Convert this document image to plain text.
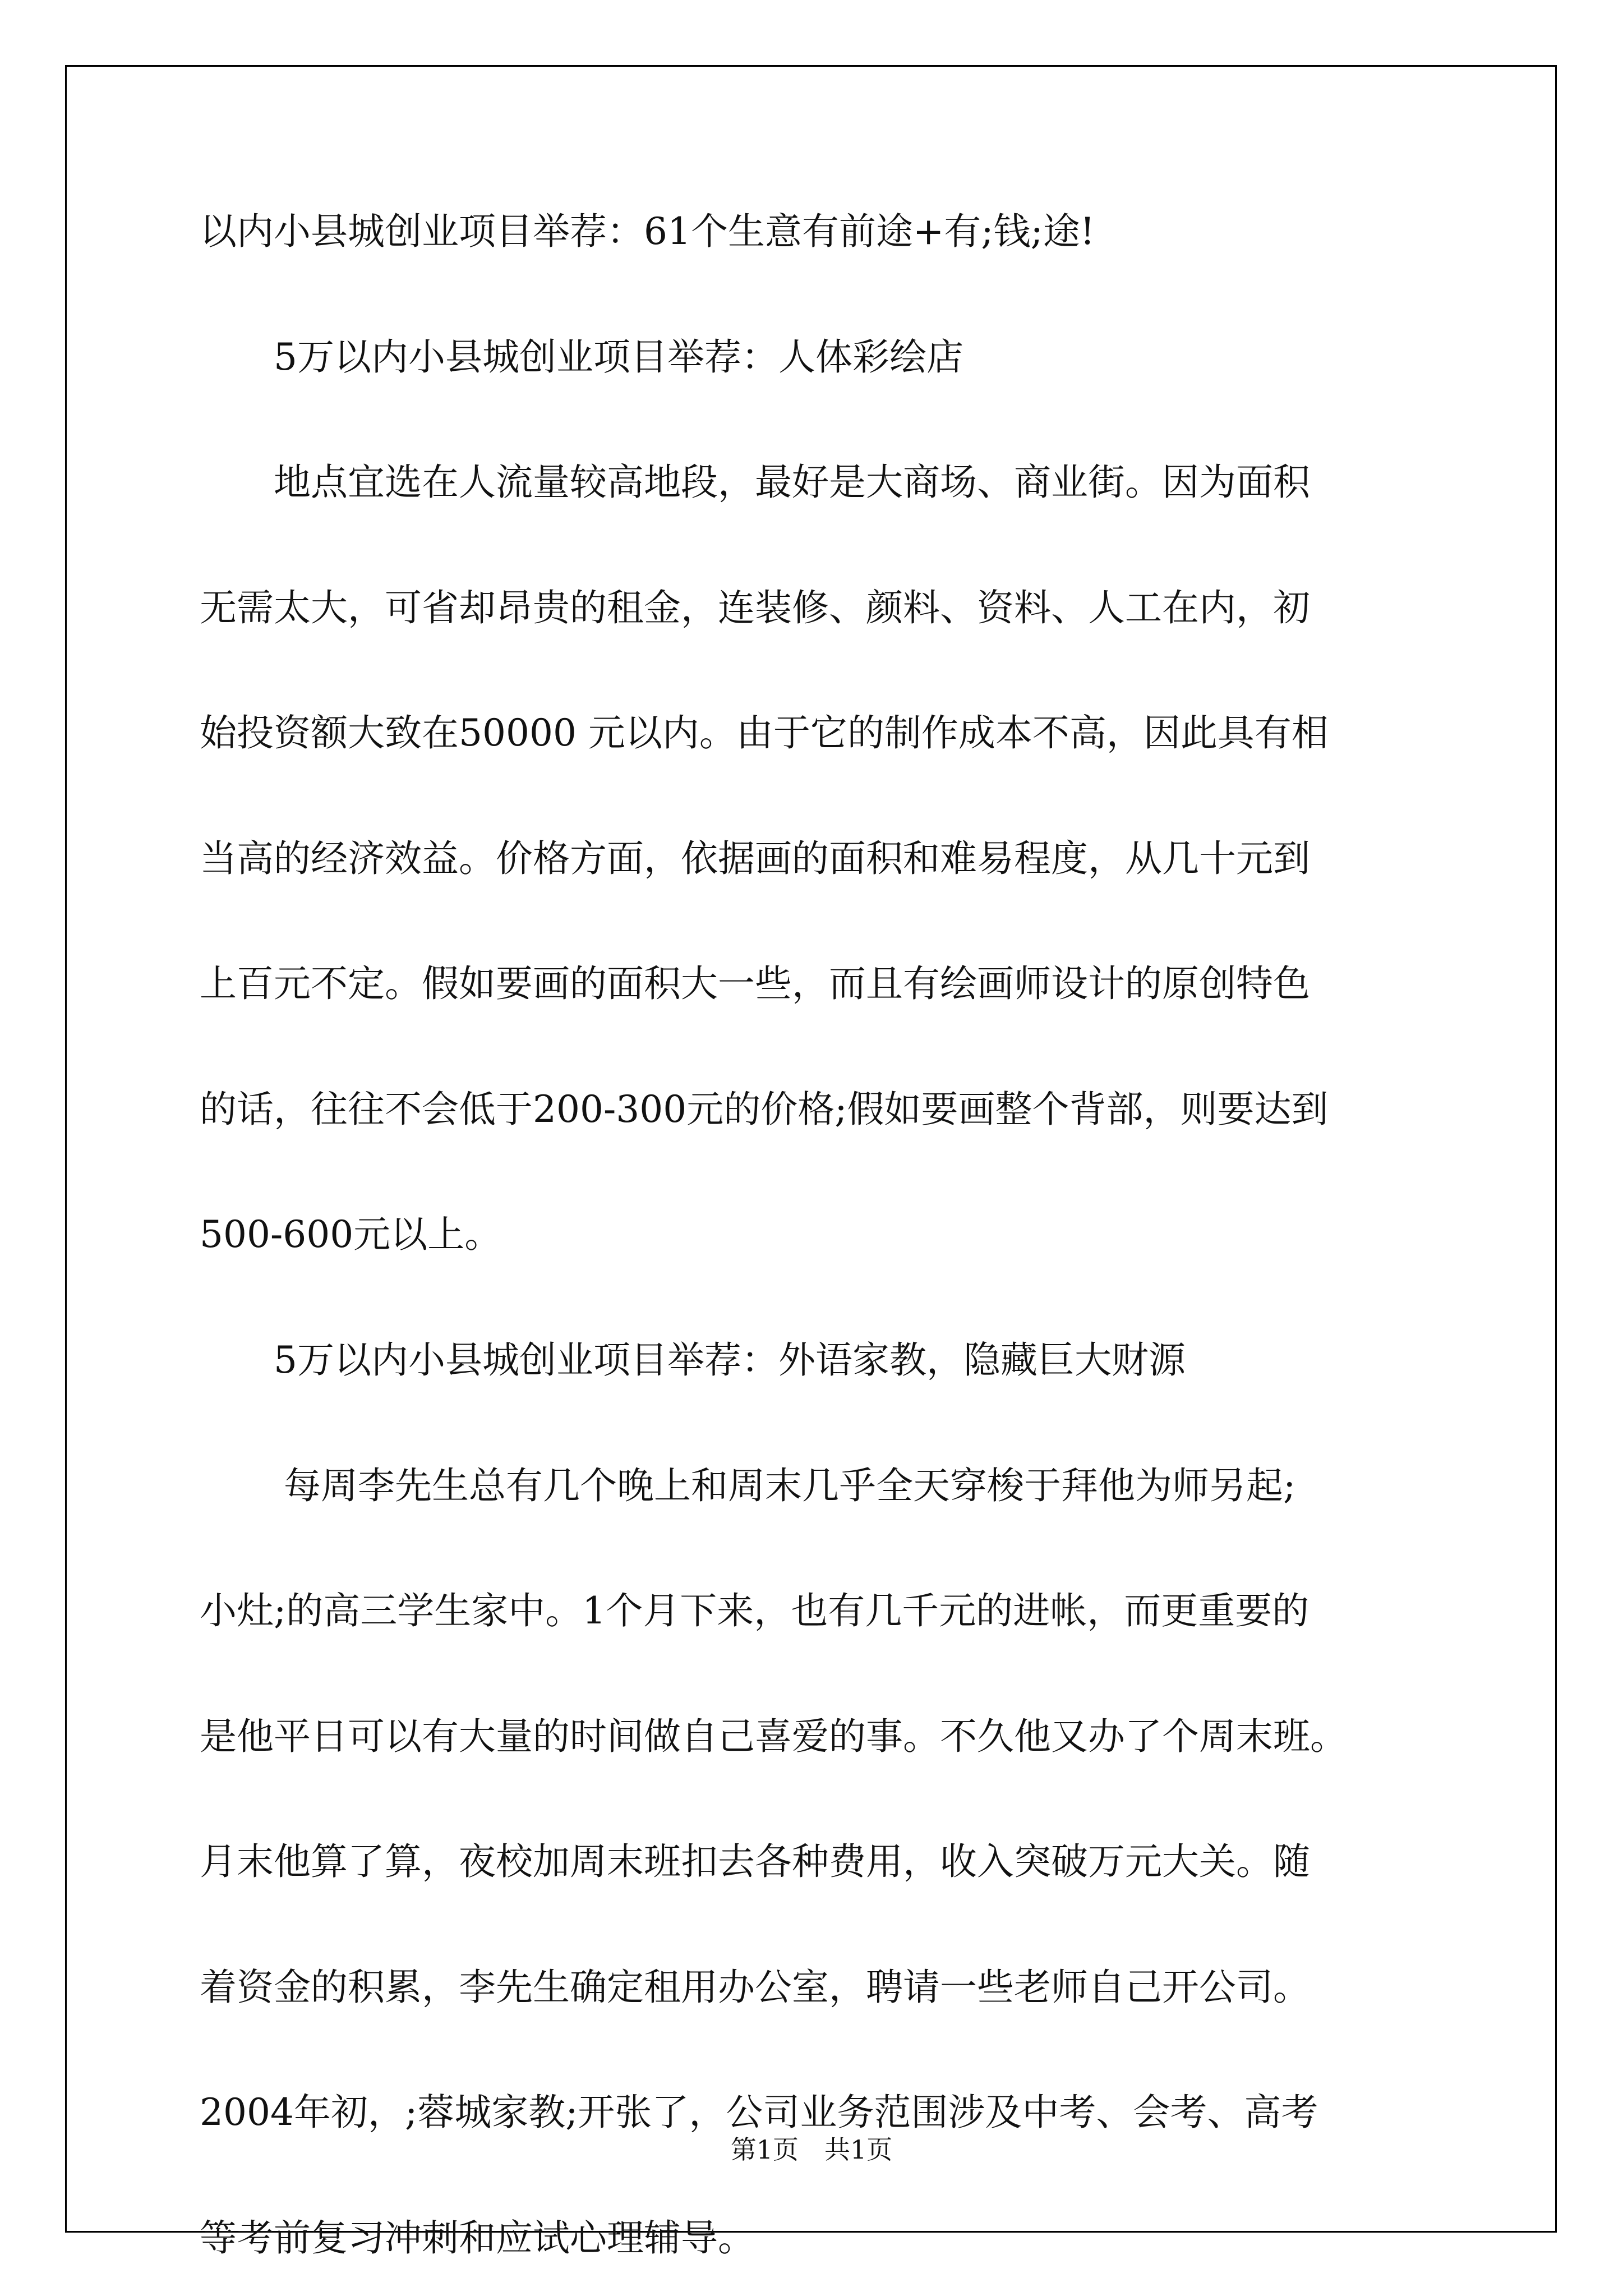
以内小县城创业项目举荐：61个生意有前途+有;钱;途!
5万以内小县城创业项目举荐：人体彩绘店
地点宜选在人流量较高地段，最好是大商场、商业街。因为面积
无需太大，可省却昂贵的租金，连装修、颜料、资料、人工在内，初
始投资额大致在50000 元以内。由于它的制作成本不高，因此具有相
当高的经济效益。价格方面，依据画的面积和难易程度，从几十元到
上百元不定。假如要画的面积大一些，而且有绘画师设计的原创特色
的话，往往不会低于200-300元的价格;假如要画整个背部，则要达到
500-600元以上。
5万以内小县城创业项目举荐：外语家教，隐藏巨大财源
每周李先生总有几个晚上和周末几乎全天穿梭于拜他为师另起;
小灶;的高三学生家中。1个月下来，也有几千元的进帐，而更重要的
是他平日可以有大量的时间做自己喜爱的事。不久他又办了个周末班。
月末他算了算，夜校加周末班扣去各种费用，收入突破万元大关。随
着资金的积累，李先生确定租用办公室，聘请一些老师自己开公司。
2004年初，;蓉城家教;开张了，公司业务范围涉及中考、会考、高考
等考前复习冲刺和应试心理辅导。
第1页　共1页
